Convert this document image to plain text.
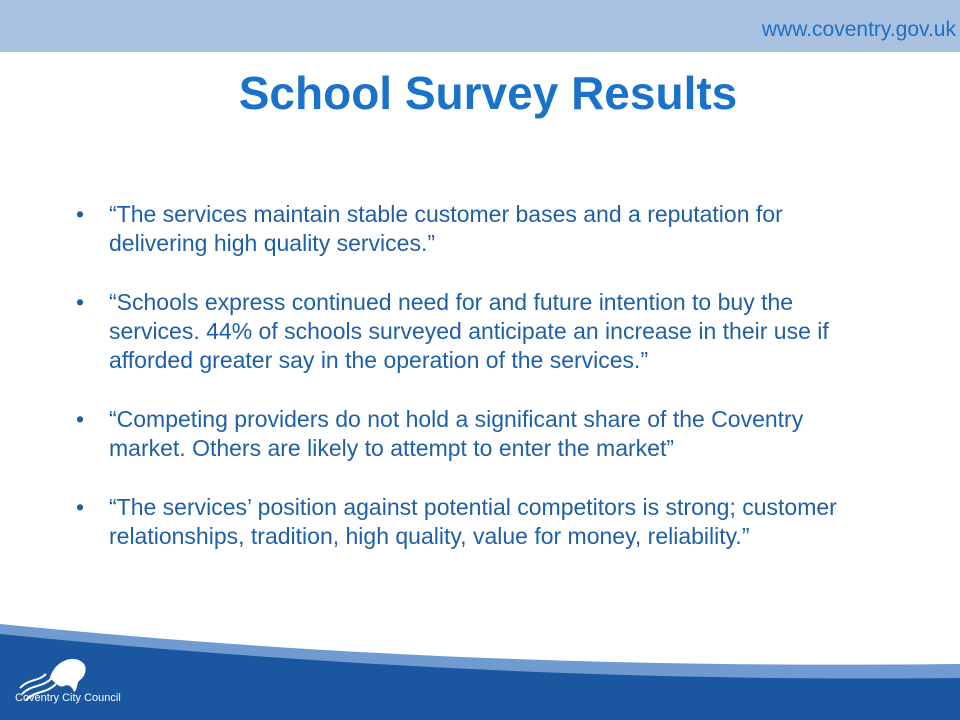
www.coventry.gov.uk
School Survey Results
• “The services maintain stable customer bases and a reputation for delivering high quality services.”
• “Schools express continued need for and future intention to buy the services. 44% of schools surveyed anticipate an increase in their use if afforded greater say in the operation of the services.”
• “Competing providers do not hold a significant share of the Coventry market. Others are likely to attempt to enter the market”
• “The services’ position against potential competitors is strong; customer relationships, tradition, high quality, value for money, reliability.”
Coventry City Council
